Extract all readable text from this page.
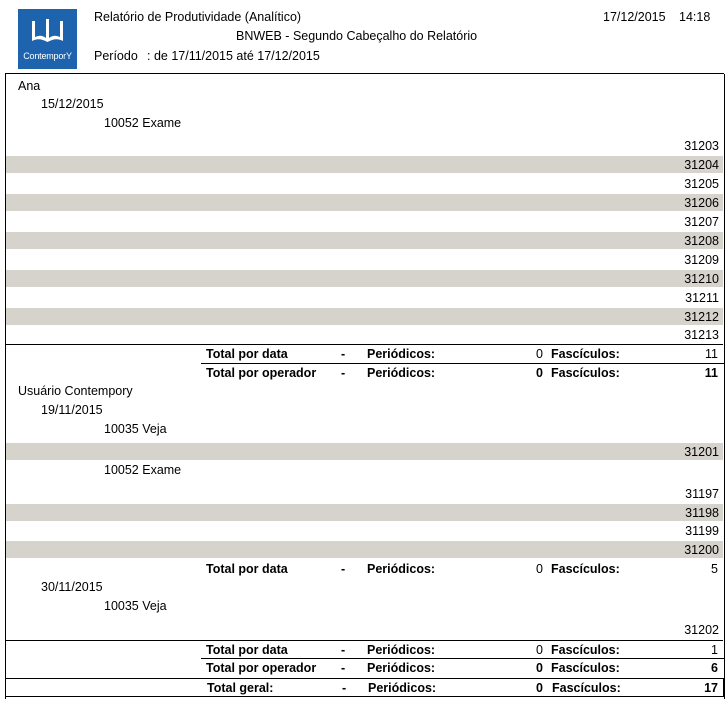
ContemporY
Relatório de Produtividade (Analítico)
BNWEB - Segundo Cabeçalho do Relatório
Período : de 17/11/2015 até 17/12/2015
17/12/2015 14:18
Ana
15/12/2015
10052 Exame
31203
31204
31205
31206
31207
31208
31209
31210
31211
31212
31213
Total por data	- Periódicos:	0 Fascículos:	11
Total por operador - Periódicos:	0 Fascículos:	11
Usuário Contempory
19/11/2015
10035 Veja
31201
10052 Exame
31197
31198
31199
31200
Total por data	- Periódicos:	0 Fascículos:	5
30/11/2015
10035 Veja
31202
Total por data	- Periódicos:	0 Fascículos:	1
Total por operador - Periódicos:	0 Fascículos:	6
Total geral:	- Periódicos:	0 Fascículos:	17
